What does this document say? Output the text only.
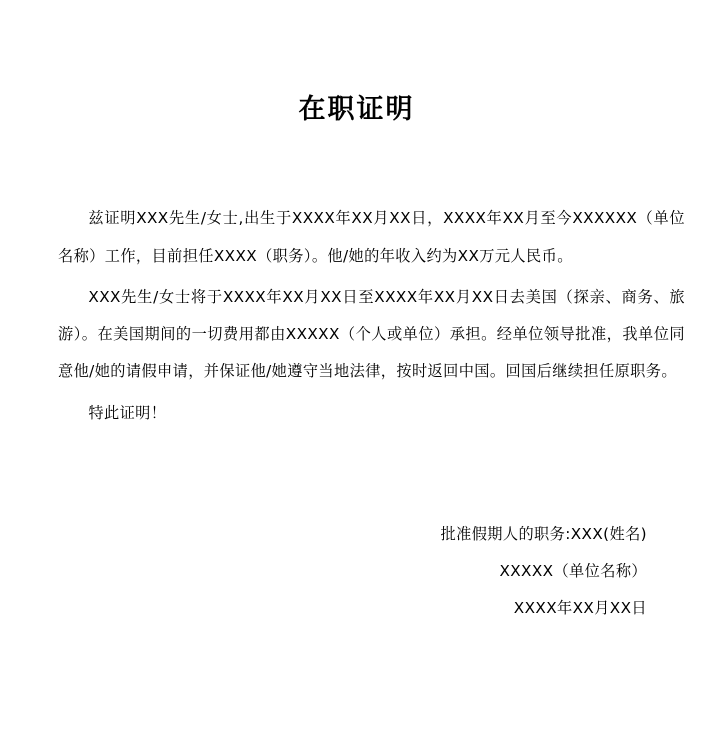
在职证明

兹证明XXX先生/女士,出生于XXXX年XX月XX日，XXXX年XX月至今XXXXXX（单位名称）工作，目前担任XXXX（职务）。他/她的年收入约为XX万元人民币。

XXX先生/女士将于XXXX年XX月XX日至XXXX年XX月XX日去美国（探亲、商务、旅游）。在美国期间的一切费用都由XXXXX（个人或单位）承担。经单位领导批准，我单位同意他/她的请假申请，并保证他/她遵守当地法律，按时返回中国。回国后继续担任原职务。

特此证明！

批准假期人的职务:XXX(姓名)
XXXXX（单位名称）
XXXX年XX月XX日
